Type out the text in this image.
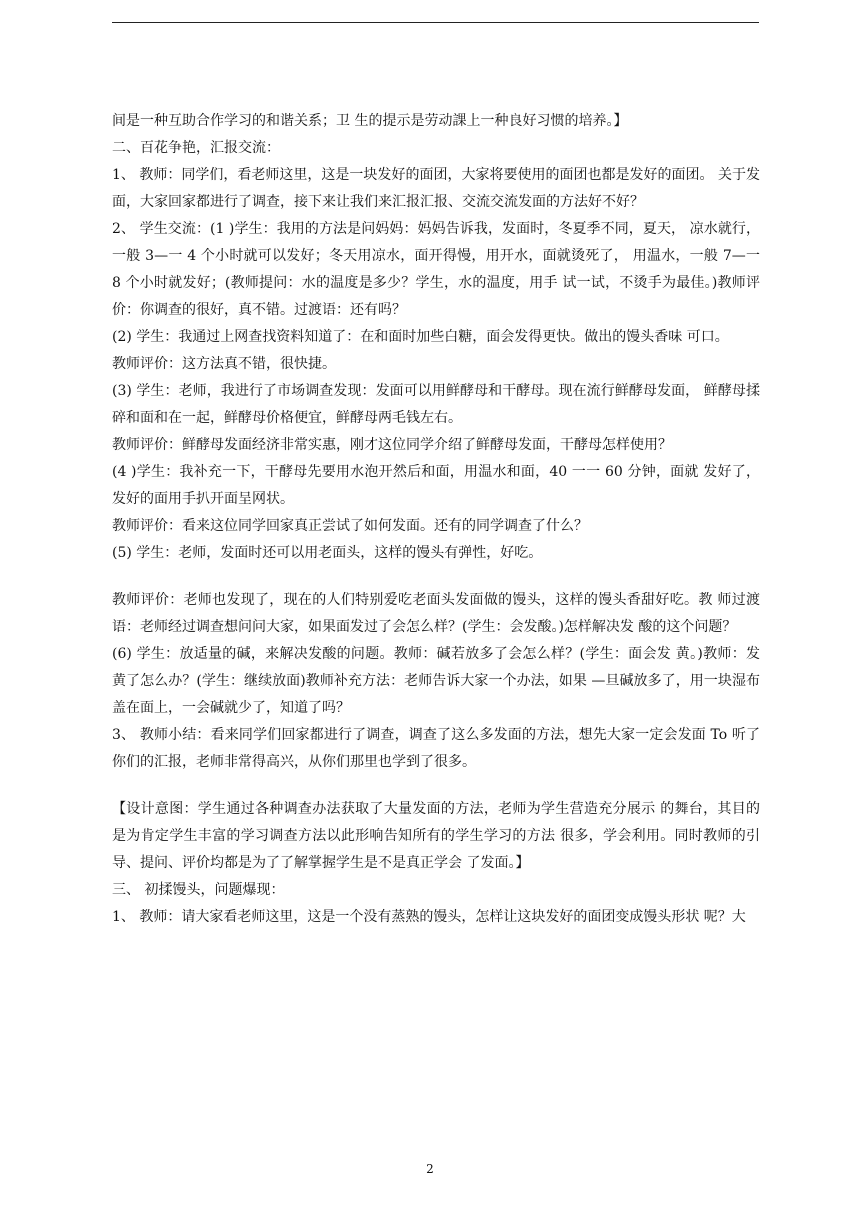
间是一种互助合作学习的和谐关系；卫 生的提示是劳动課上一种良好习惯的培养。】

二、百花争艳，汇报交流：

1、 教师：同学们，看老师这里，这是一块发好的面团，大家将要使用的面团也都是发好的面团。 关于发面，大家回家都进行了调查，接下来让我们来汇报汇报、交流交流发面的方法好不好？

2、 学生交流：(1 )学生：我用的方法是问妈妈：妈妈告诉我，发面时，冬夏季不同，夏天， 凉水就行，一般 3—一 4 个小时就可以发好；冬天用凉水，面开得慢，用开水，面就烫死了， 用温水，一般 7—一 8 个小时就发好；(教师提问：水的温度是多少？学生，水的温度，用手 试一试，不烫手为最佳。)教师评价：你调查的很好，真不错。过渡语：还有吗？

(2) 学生：我通过上网查找资料知道了：在和面时加些白糖，面会发得更快。做出的馒头香味 可口。

教师评价：这方法真不错，很快捷。

(3) 学生：老师，我进行了市场调查发现：发面可以用鲜酵母和干酵母。现在流行鲜酵母发面， 鲜酵母揉碎和面和在一起，鲜酵母价格便宜，鲜酵母两毛钱左右。

教师评价：鲜酵母发面经济非常实惠，刚才这位同学介绍了鲜酵母发面，干酵母怎样使用？

(4 )学生：我补充一下，干酵母先要用水泡开然后和面，用温水和面，40 一一 60 分钟，面就 发好了，发好的面用手扒开面呈网状。

教师评价：看来这位同学回家真正尝试了如何发面。还有的同学调查了什么？

(5) 学生：老师，发面时还可以用老面头，这样的馒头有弹性，好吃。

教师评价：老师也发现了，现在的人们特别爱吃老面头发面做的馒头，这样的馒头香甜好吃。教 师过渡语：老师经过调查想问问大家，如果面发过了会怎么样？(学生：会发酸。)怎样解决发 酸的这个问题？

(6) 学生：放适量的碱，来解决发酸的问题。教师：碱若放多了会怎么样？(学生：面会发 黄。)教师：发黄了怎么办？(学生：继续放面)教师补充方法：老师告诉大家一个办法，如果 —旦碱放多了，用一块湿布盖在面上，一会碱就少了，知道了吗？

3、 教师小结：看来同学们回家都进行了调查，调查了这么多发面的方法，想先大家一定会发面 To 听了你们的汇报，老师非常得高兴，从你们那里也学到了很多。

【设计意图：学生通过各种调查办法获取了大量发面的方法，老师为学生营造充分展示 的舞台，其目的是为肯定学生丰富的学习调查方法以此形响告知所有的学生学习的方法 很多，学会利用。同时教师的引导、提问、评价均都是为了了解掌握学生是不是真正学会 了发面。】

三、 初揉馒头，问题爆现：

1、 教师：请大家看老师这里，这是一个没有蒸熟的馒头，怎样让这块发好的面团变成馒头形状 呢？大

2
